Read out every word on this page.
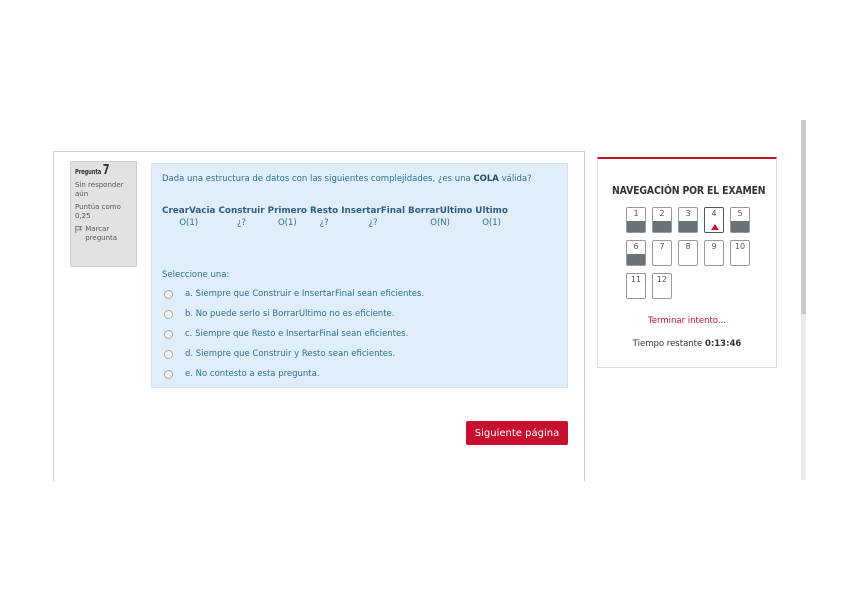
Pregunta 7
Sin responder aún
Puntúa como 0,25
Marcar pregunta
Dada una estructura de datos con las siguientes complejidades, ¿es una COLA válida?
CrearVacia	Construir	Primero	Resto	InsertarFinal	BorrarUltimo	Ultimo
O(1)	¿?	O(1)	¿?	¿?	O(N)	O(1)
Seleccione una:
a. Siempre que Construir e InsertarFinal sean eficientes.
b. No puede serlo si BorrarUltimo no es eficiente.
c. Siempre que Resto e InsertarFinal sean eficientes.
d. Siempre que Construir y Resto sean eficientes.
e. No contesto a esta pregunta.
Siguiente página
NAVEGACIÓN POR EL EXAMEN
1	2	3	4	5
6	7	8	9	10
11	12
Terminar intento...
Tiempo restante 0:13:46
